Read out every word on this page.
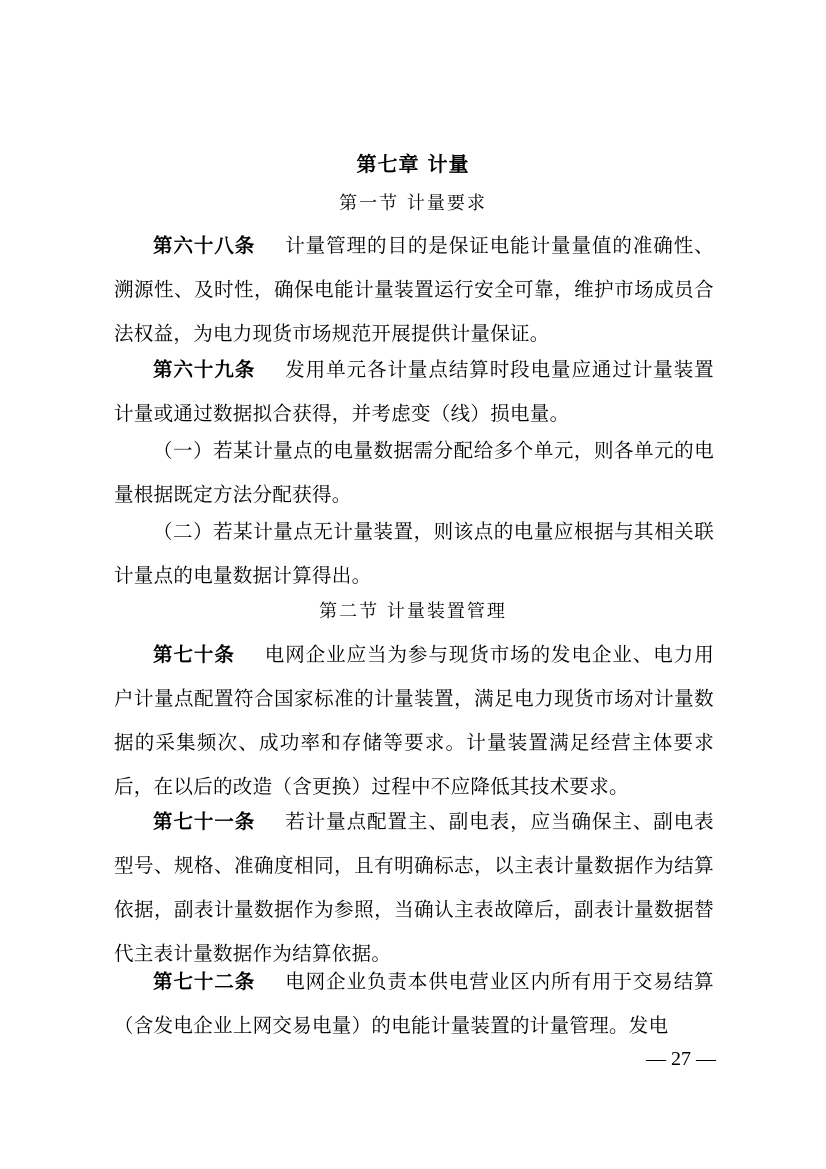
第七章 计量
第一节 计量要求
第六十八条 计量管理的目的是保证电能计量量值的准确性、溯源性、及时性，确保电能计量装置运行安全可靠，维护市场成员合法权益，为电力现货市场规范开展提供计量保证。
第六十九条 发用单元各计量点结算时段电量应通过计量装置计量或通过数据拟合获得，并考虑变（线）损电量。
（一）若某计量点的电量数据需分配给多个单元，则各单元的电量根据既定方法分配获得。
（二）若某计量点无计量装置，则该点的电量应根据与其相关联计量点的电量数据计算得出。
第二节 计量装置管理
第七十条 电网企业应当为参与现货市场的发电企业、电力用户计量点配置符合国家标准的计量装置，满足电力现货市场对计量数据的采集频次、成功率和存储等要求。计量装置满足经营主体要求后，在以后的改造（含更换）过程中不应降低其技术要求。
第七十一条 若计量点配置主、副电表，应当确保主、副电表型号、规格、准确度相同，且有明确标志，以主表计量数据作为结算依据，副表计量数据作为参照，当确认主表故障后，副表计量数据替代主表计量数据作为结算依据。
第七十二条 电网企业负责本供电营业区内所有用于交易结算（含发电企业上网交易电量）的电能计量装置的计量管理。发电
— 27 —
